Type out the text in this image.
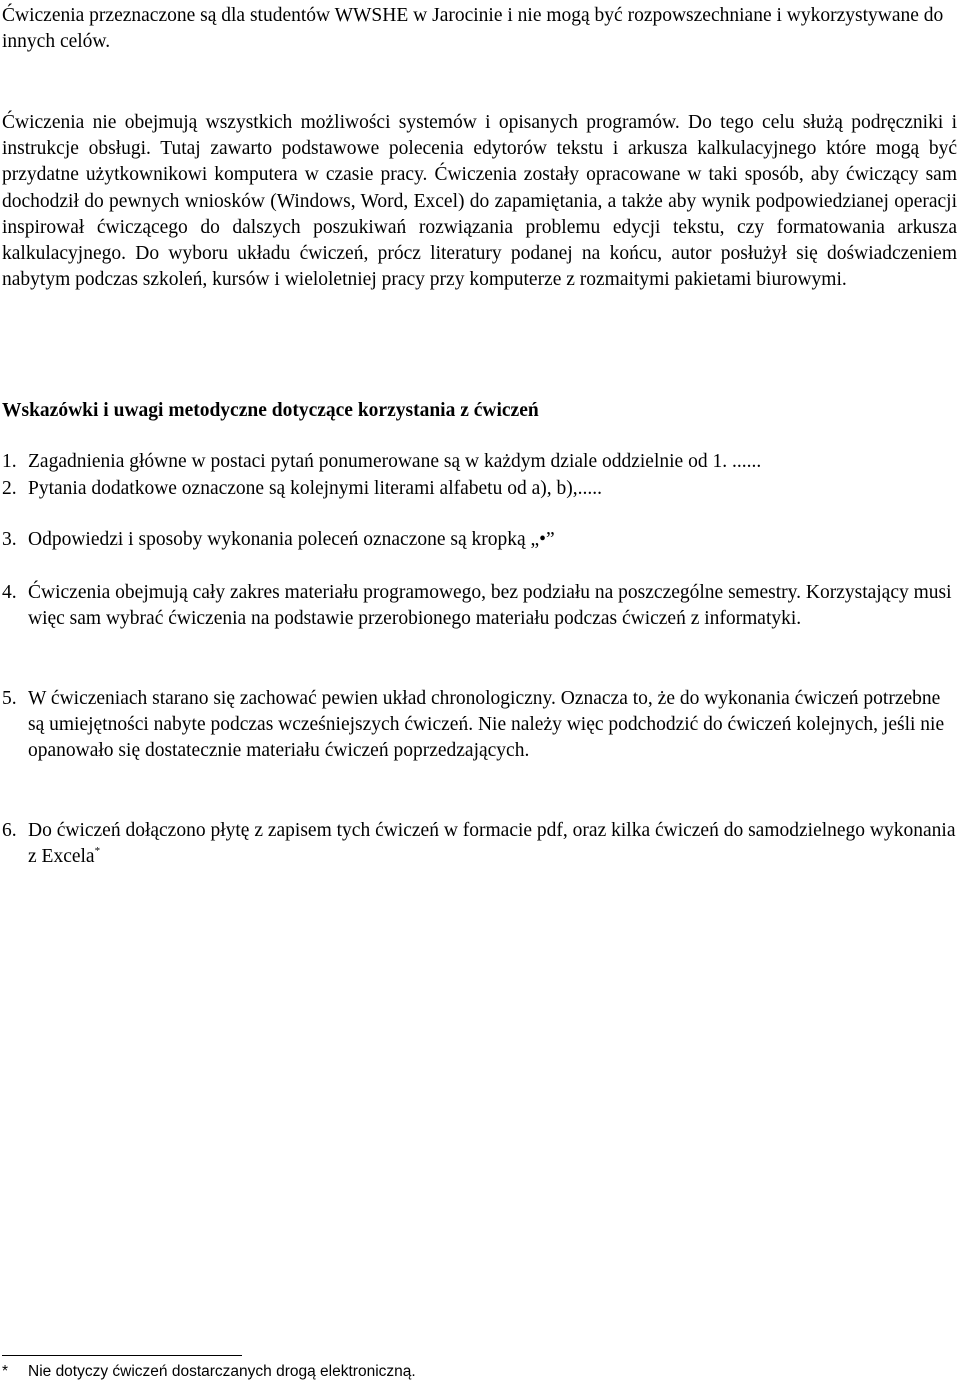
Ćwiczenia przeznaczone są dla studentów WWSHE w Jarocinie i nie mogą być rozpowszechniane i wykorzystywane do innych celów.

Ćwiczenia nie obejmują wszystkich możliwości systemów i opisanych programów. Do tego celu służą podręczniki i instrukcje obsługi. Tutaj zawarto podstawowe polecenia edytorów tekstu i arkusza kalkulacyjnego które mogą być przydatne użytkownikowi komputera w czasie pracy. Ćwiczenia zostały opracowane w taki sposób, aby ćwiczący sam dochodził do pewnych wniosków (Windows, Word, Excel) do zapamiętania, a także aby wynik podpowiedzianej operacji inspirował ćwiczącego do dalszych poszukiwań rozwiązania problemu edycji tekstu, czy formatowania arkusza kalkulacyjnego. Do wyboru układu ćwiczeń, prócz literatury podanej na końcu, autor posłużył się doświadczeniem nabytym podczas szkoleń, kursów i wieloletniej pracy przy komputerze z rozmaitymi pakietami biurowymi.

Wskazówki i uwagi metodyczne dotyczące korzystania z ćwiczeń

1. Zagadnienia główne w postaci pytań ponumerowane są w każdym dziale oddzielnie od 1. ......
2. Pytania dodatkowe oznaczone są kolejnymi literami alfabetu od a), b),.....
3. Odpowiedzi i sposoby wykonania poleceń oznaczone są kropką „•”
4. Ćwiczenia obejmują cały zakres materiału programowego, bez podziału na poszczególne semestry. Korzystający musi więc sam wybrać ćwiczenia na podstawie przerobionego materiału podczas ćwiczeń z informatyki.
5. W ćwiczeniach starano się zachować pewien układ chronologiczny. Oznacza to, że do wykonania ćwiczeń potrzebne są umiejętności nabyte podczas wcześniejszych ćwiczeń. Nie należy więc podchodzić do ćwiczeń kolejnych, jeśli nie opanowało się dostatecznie materiału ćwiczeń poprzedzających.
6. Do ćwiczeń dołączono płytę z zapisem tych ćwiczeń w formacie pdf, oraz kilka ćwiczeń do samodzielnego wykonania z Excela*
*	Nie dotyczy ćwiczeń dostarczanych drogą elektroniczną.
